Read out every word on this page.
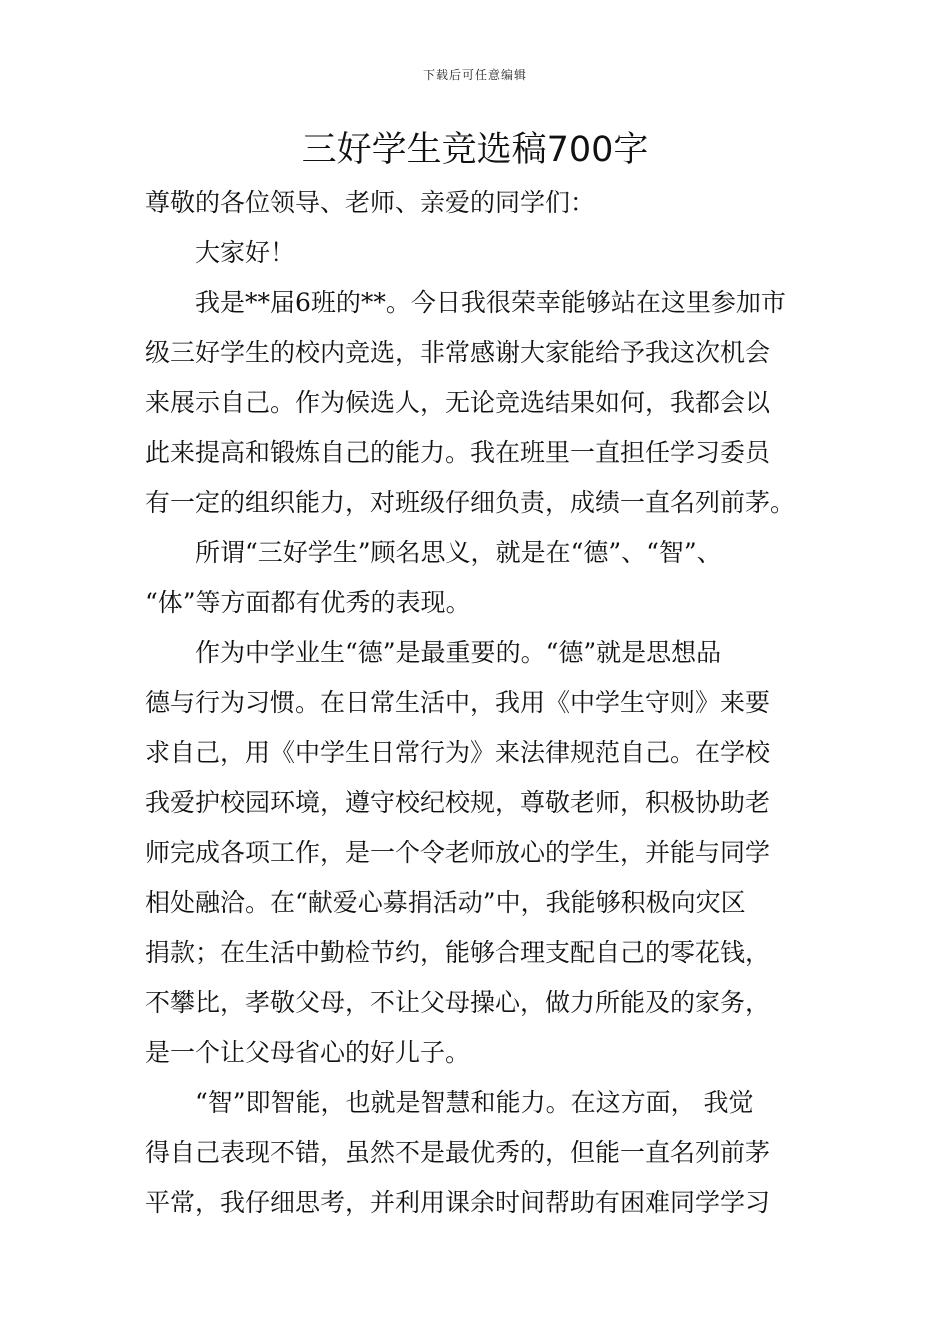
下载后可任意编辑
三好学生竞选稿700字
尊敬的各位领导、老师、亲爱的同学们：
大家好！
我是**届6班的**。今日我很荣幸能够站在这里参加市
级三好学生的校内竞选，非常感谢大家能给予我这次机会
来展示自己。作为候选人，无论竞选结果如何，我都会以
此来提高和锻炼自己的能力。我在班里一直担任学习委员
有一定的组织能力，对班级仔细负责，成绩一直名列前茅。
所谓“三好学生”顾名思义，就是在“德”、“智”、
“体”等方面都有优秀的表现。
作为中学业生“德”是最重要的。“德”就是思想品
德与行为习惯。在日常生活中，我用《中学生守则》来要
求自己，用《中学生日常行为》来法律规范自己。在学校
我爱护校园环境，遵守校纪校规，尊敬老师，积极协助老
师完成各项工作，是一个令老师放心的学生，并能与同学
相处融洽。在“献爱心募捐活动”中，我能够积极向灾区
捐款；在生活中勤检节约，能够合理支配自己的零花钱，
不攀比，孝敬父母，不让父母操心，做力所能及的家务，
是一个让父母省心的好儿子。
“智”即智能，也就是智慧和能力。在这方面， 我觉
得自己表现不错，虽然不是最优秀的，但能一直名列前茅
平常，我仔细思考，并利用课余时间帮助有困难同学学习
